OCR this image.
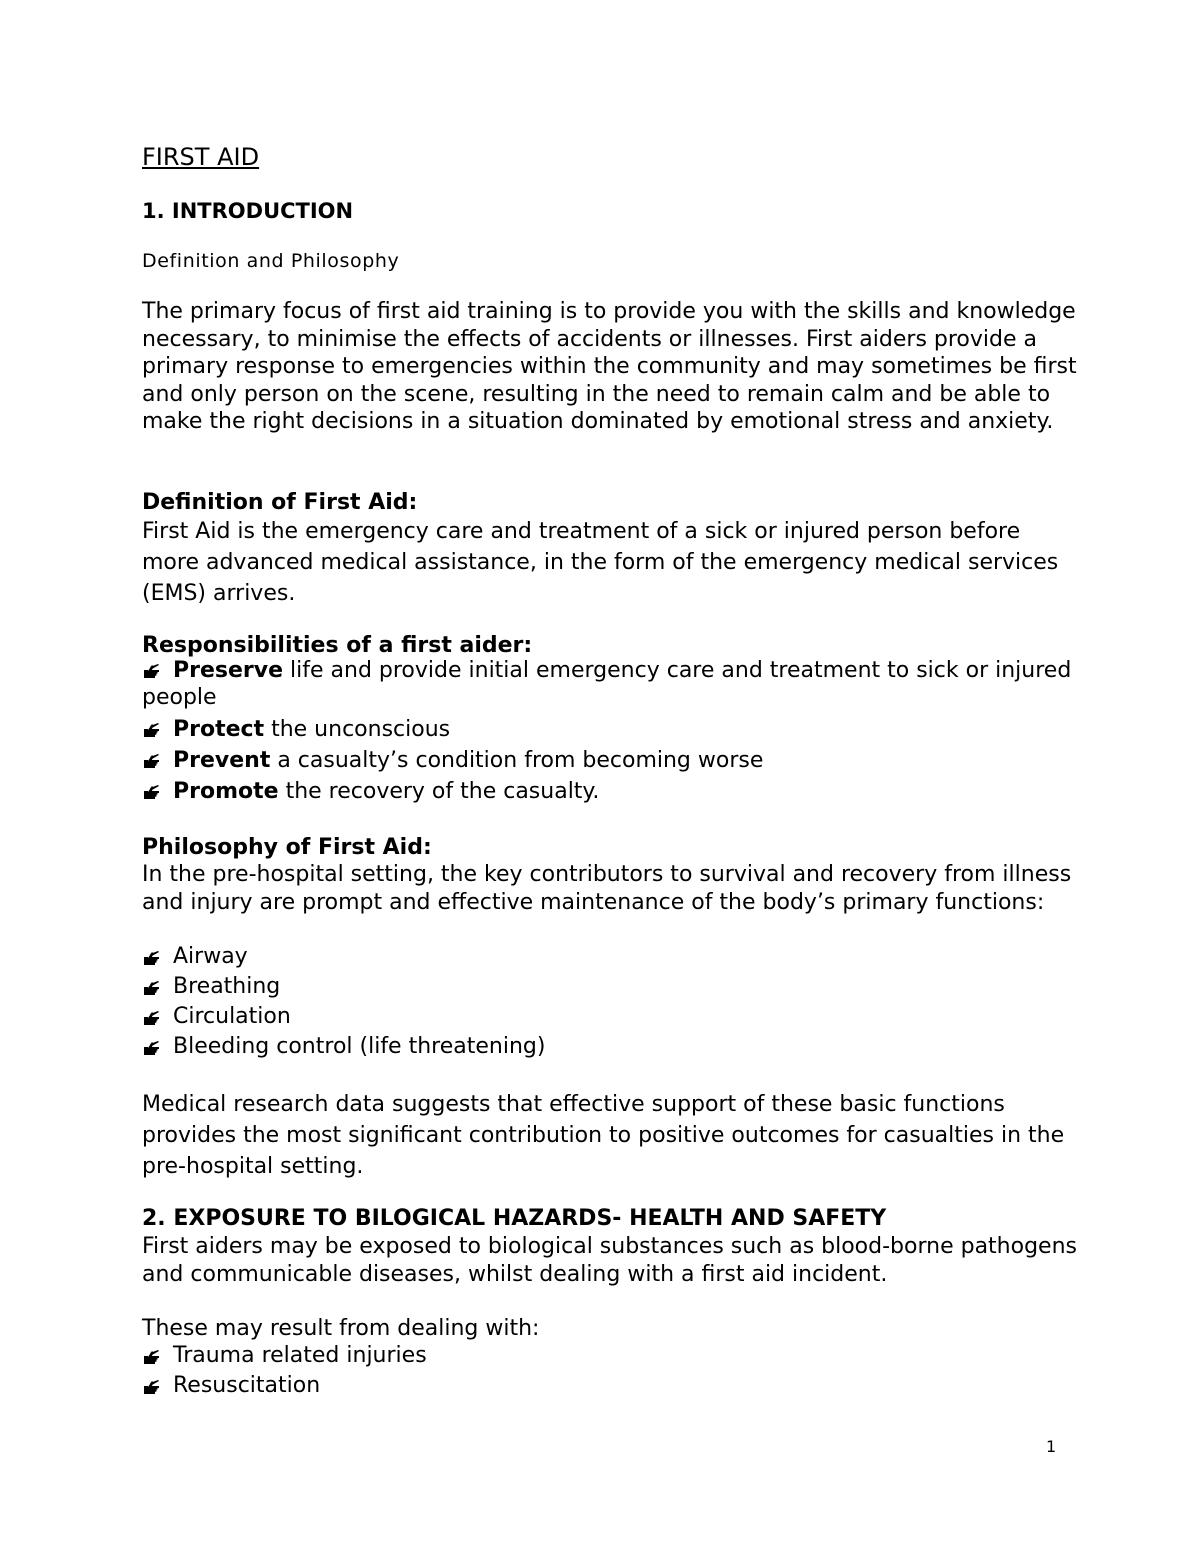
FIRST AID
1. INTRODUCTION
Definition and Philosophy

The primary focus of first aid training is to provide you with the skills and knowledge necessary, to minimise the effects of accidents or illnesses. First aiders provide a primary response to emergencies within the community and may sometimes be first and only person on the scene, resulting in the need to remain calm and be able to make the right decisions in a situation dominated by emotional stress and anxiety.

Definition of First Aid:

First Aid is the emergency care and treatment of a sick or injured person before more advanced medical assistance, in the form of the emergency medical services (EMS) arrives.

Responsibilities of a first aider:
Preserve life and provide initial emergency care and treatment to sick or injured people
Protect the unconscious
Prevent a casualty’s condition from becoming worse
Promote the recovery of the casualty.
Philosophy of First Aid:

In the pre-hospital setting, the key contributors to survival and recovery from illness and injury are prompt and effective maintenance of the body’s primary functions:

Airway
Breathing
Circulation
Bleeding control (life threatening)

Medical research data suggests that effective support of these basic functions provides the most significant contribution to positive outcomes for casualties in the pre-hospital setting.

2. EXPOSURE TO BILOGICAL HAZARDS- HEALTH AND SAFETY

First aiders may be exposed to biological substances such as blood-borne pathogens and communicable diseases, whilst dealing with a first aid incident.

These may result from dealing with:
Trauma related injuries
Resuscitation
1
